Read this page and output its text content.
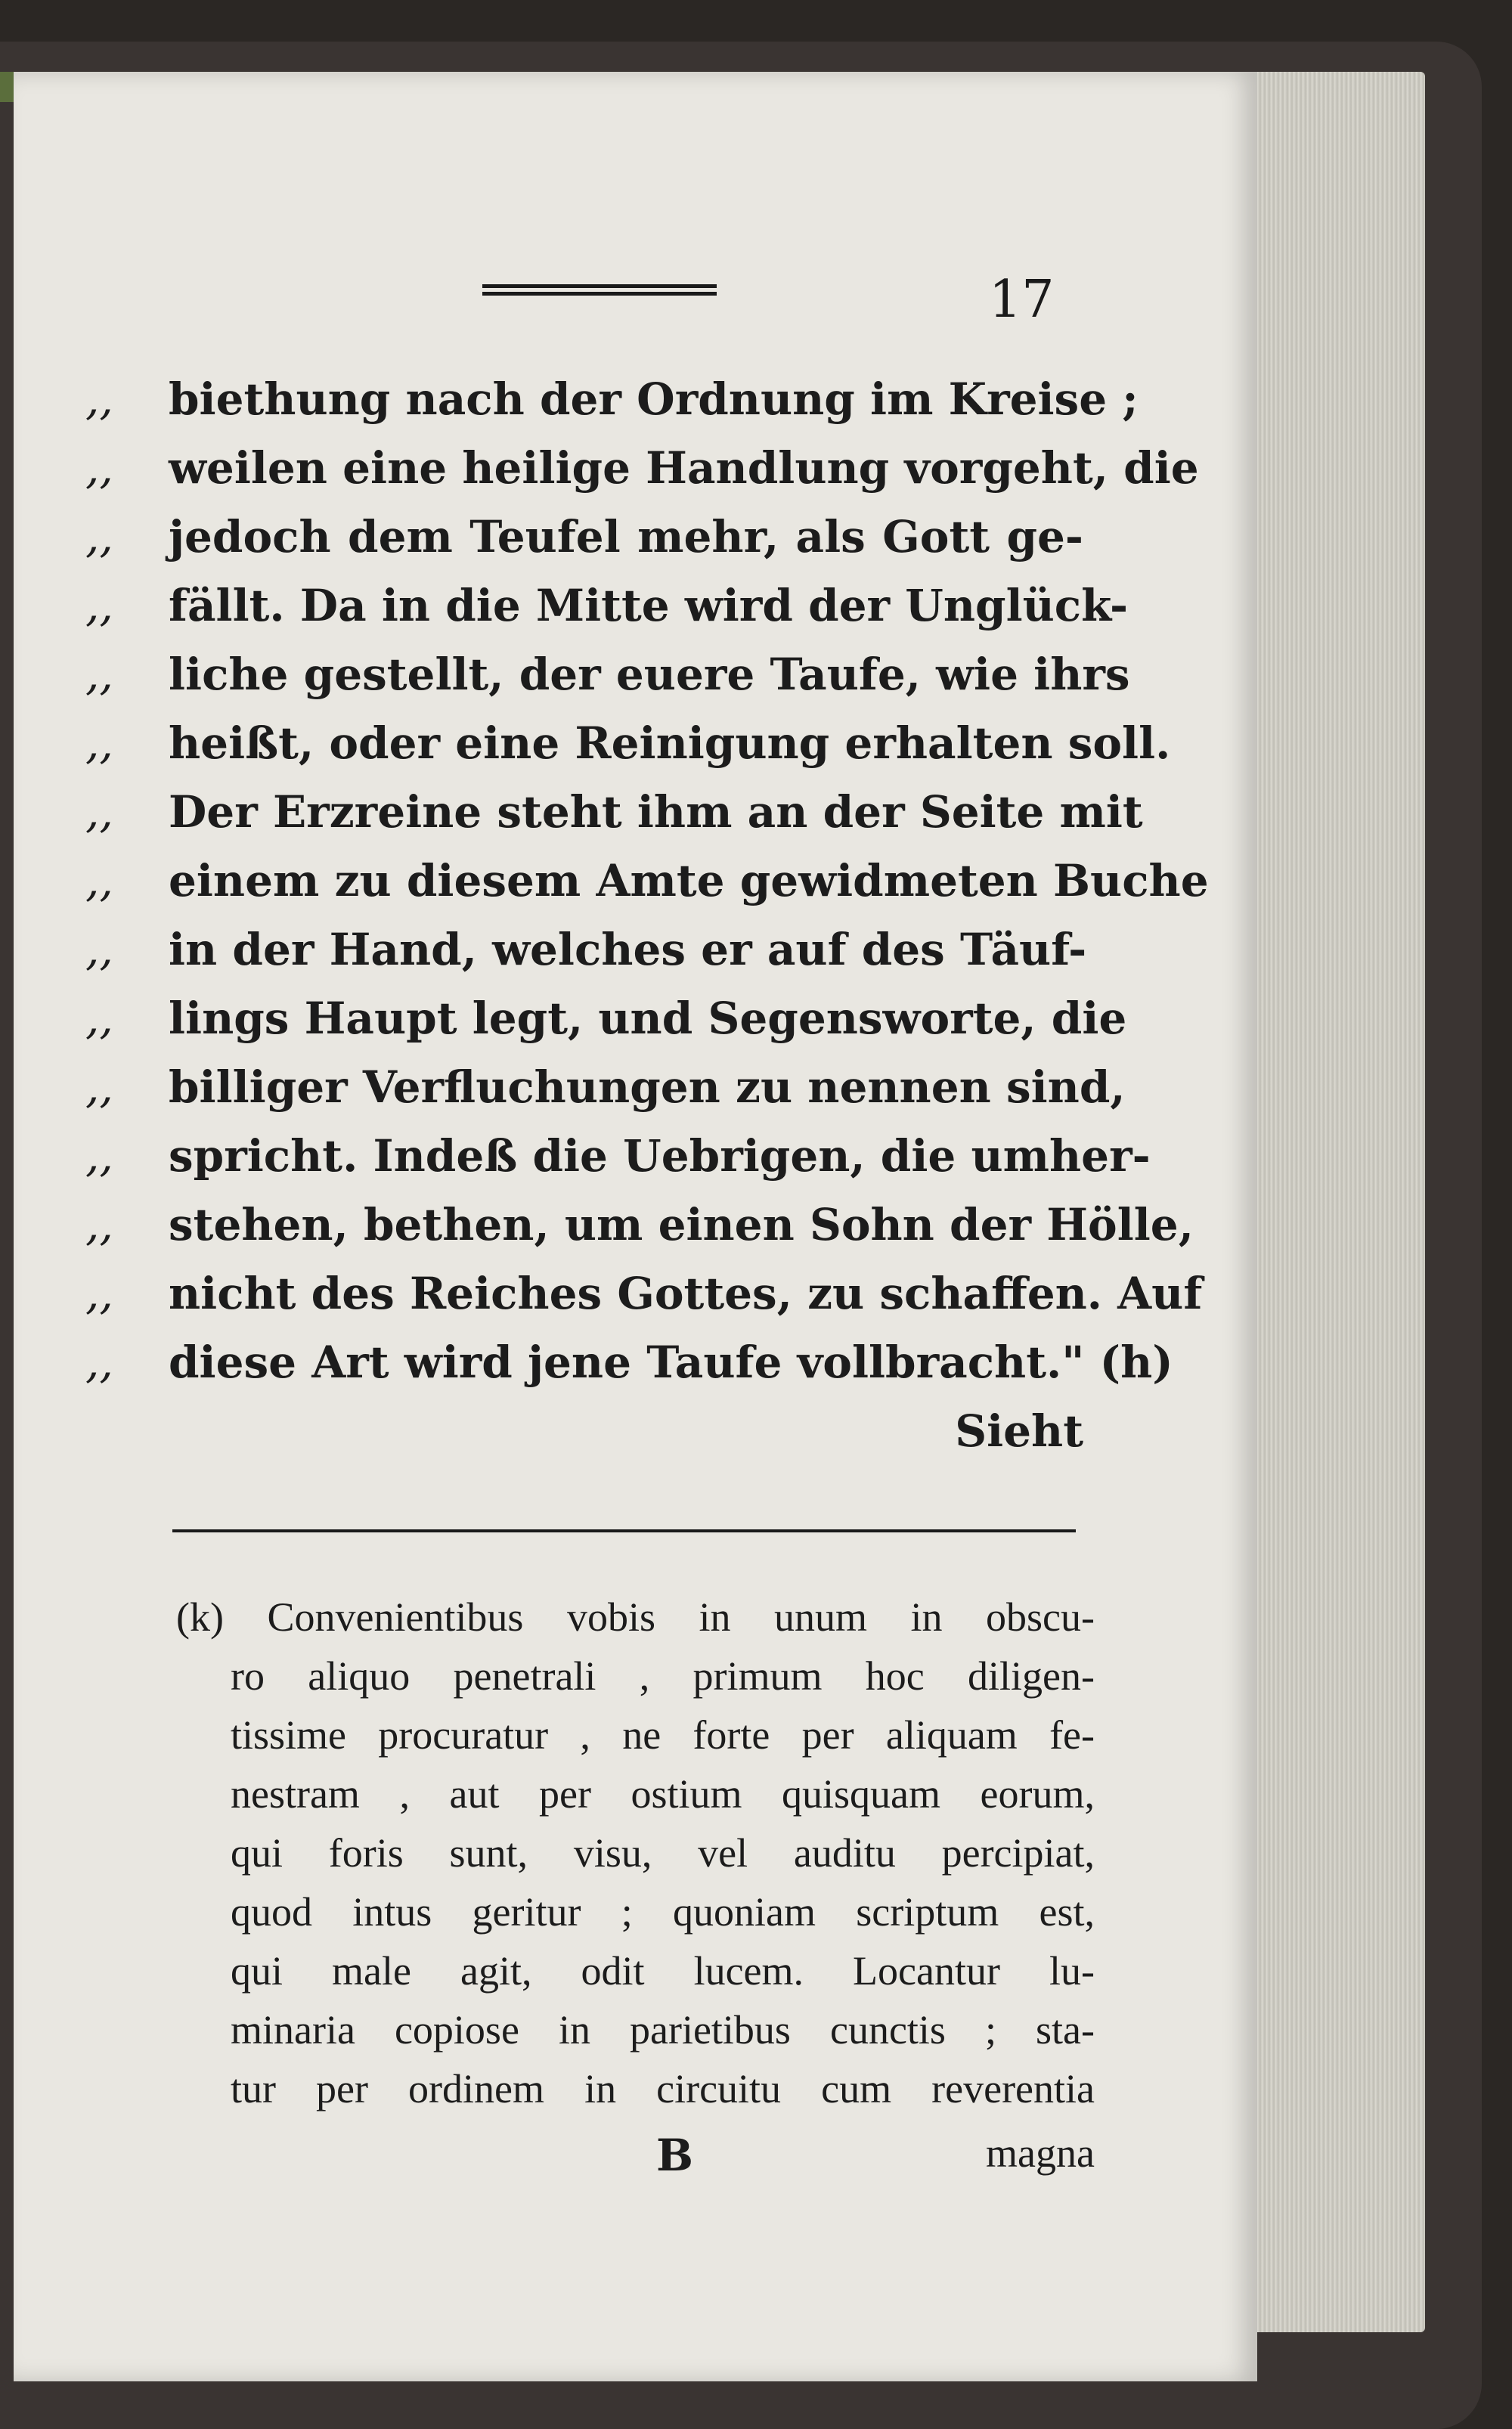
17
,,	biethung nach der Ordnung im Kreise ;
,,	weilen eine heilige Handlung vorgeht, die
,,	jedoch dem Teufel mehr, als Gott ge-
,,	fällt. Da in die Mitte wird der Unglück-
,,	liche gestellt, der euere Taufe, wie ihrs
,,	heißt, oder eine Reinigung erhalten soll.
,,	Der Erzreine steht ihm an der Seite mit
,,	einem zu diesem Amte gewidmeten Buche
,,	in der Hand, welches er auf des Täuf-
,,	lings Haupt legt, und Segensworte, die
,,	billiger Verfluchungen zu nennen sind,
,,	spricht. Indeß die Uebrigen, die umher-
,,	stehen, bethen, um einen Sohn der Hölle,
,,	nicht des Reiches Gottes, zu schaffen. Auf
,,	diese Art wird jene Taufe vollbracht." (h)
Sieht
(k) Convenientibus vobis in unum in obscu-
ro aliquo penetrali , primum hoc diligen-
tissime procuratur , ne forte per aliquam fe-
nestram , aut per ostium quisquam eorum,
qui foris sunt, visu, vel auditu percipiat,
quod intus geritur ; quoniam scriptum est,
qui male agit, odit lucem. Locantur lu-
minaria copiose in parietibus cunctis ; sta-
tur per ordinem in circuitu cum reverentia
B	magna
